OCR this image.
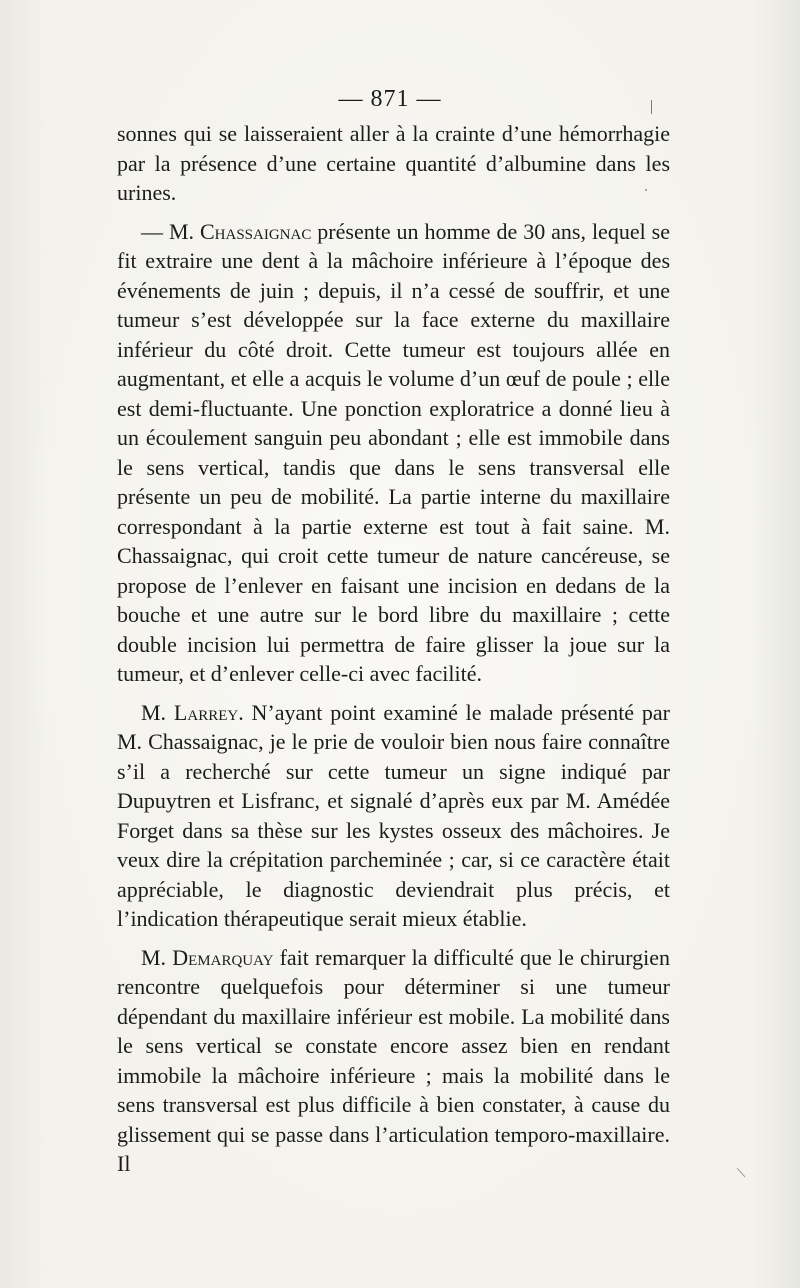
— 871 —

sonnes qui se laisseraient aller à la crainte d’une hémorrhagie par la présence d’une certaine quantité d’albumine dans les urines.

— M. Chassaignac présente un homme de 30 ans, lequel se fit extraire une dent à la mâchoire inférieure à l’époque des événements de juin ; depuis, il n’a cessé de souffrir, et une tumeur s’est développée sur la face externe du maxillaire inférieur du côté droit. Cette tumeur est toujours allée en augmentant, et elle a acquis le volume d’un œuf de poule ; elle est demi-fluctuante. Une ponction exploratrice a donné lieu à un écoulement sanguin peu abondant ; elle est immobile dans le sens vertical, tandis que dans le sens transversal elle présente un peu de mobilité. La partie interne du maxillaire correspondant à la partie externe est tout à fait saine. M. Chassaignac, qui croit cette tumeur de nature cancéreuse, se propose de l’enlever en faisant une incision en dedans de la bouche et une autre sur le bord libre du maxillaire ; cette double incision lui permettra de faire glisser la joue sur la tumeur, et d’enlever celle-ci avec facilité.

M. Larrey. N’ayant point examiné le malade présenté par M. Chassaignac, je le prie de vouloir bien nous faire connaître s’il a recherché sur cette tumeur un signe indiqué par Dupuytren et Lisfranc, et signalé d’après eux par M. Amédée Forget dans sa thèse sur les kystes osseux des mâchoires. Je veux dire la crépitation parcheminée ; car, si ce caractère était appréciable, le diagnostic deviendrait plus précis, et l’indication thérapeutique serait mieux établie.

M. Demarquay fait remarquer la difficulté que le chirurgien rencontre quelquefois pour déterminer si une tumeur dépendant du maxillaire inférieur est mobile. La mobilité dans le sens vertical se constate encore assez bien en rendant immobile la mâchoire inférieure ; mais la mobilité dans le sens transversal est plus difficile à bien constater, à cause du glissement qui se passe dans l’articulation temporo-maxillaire. Il
